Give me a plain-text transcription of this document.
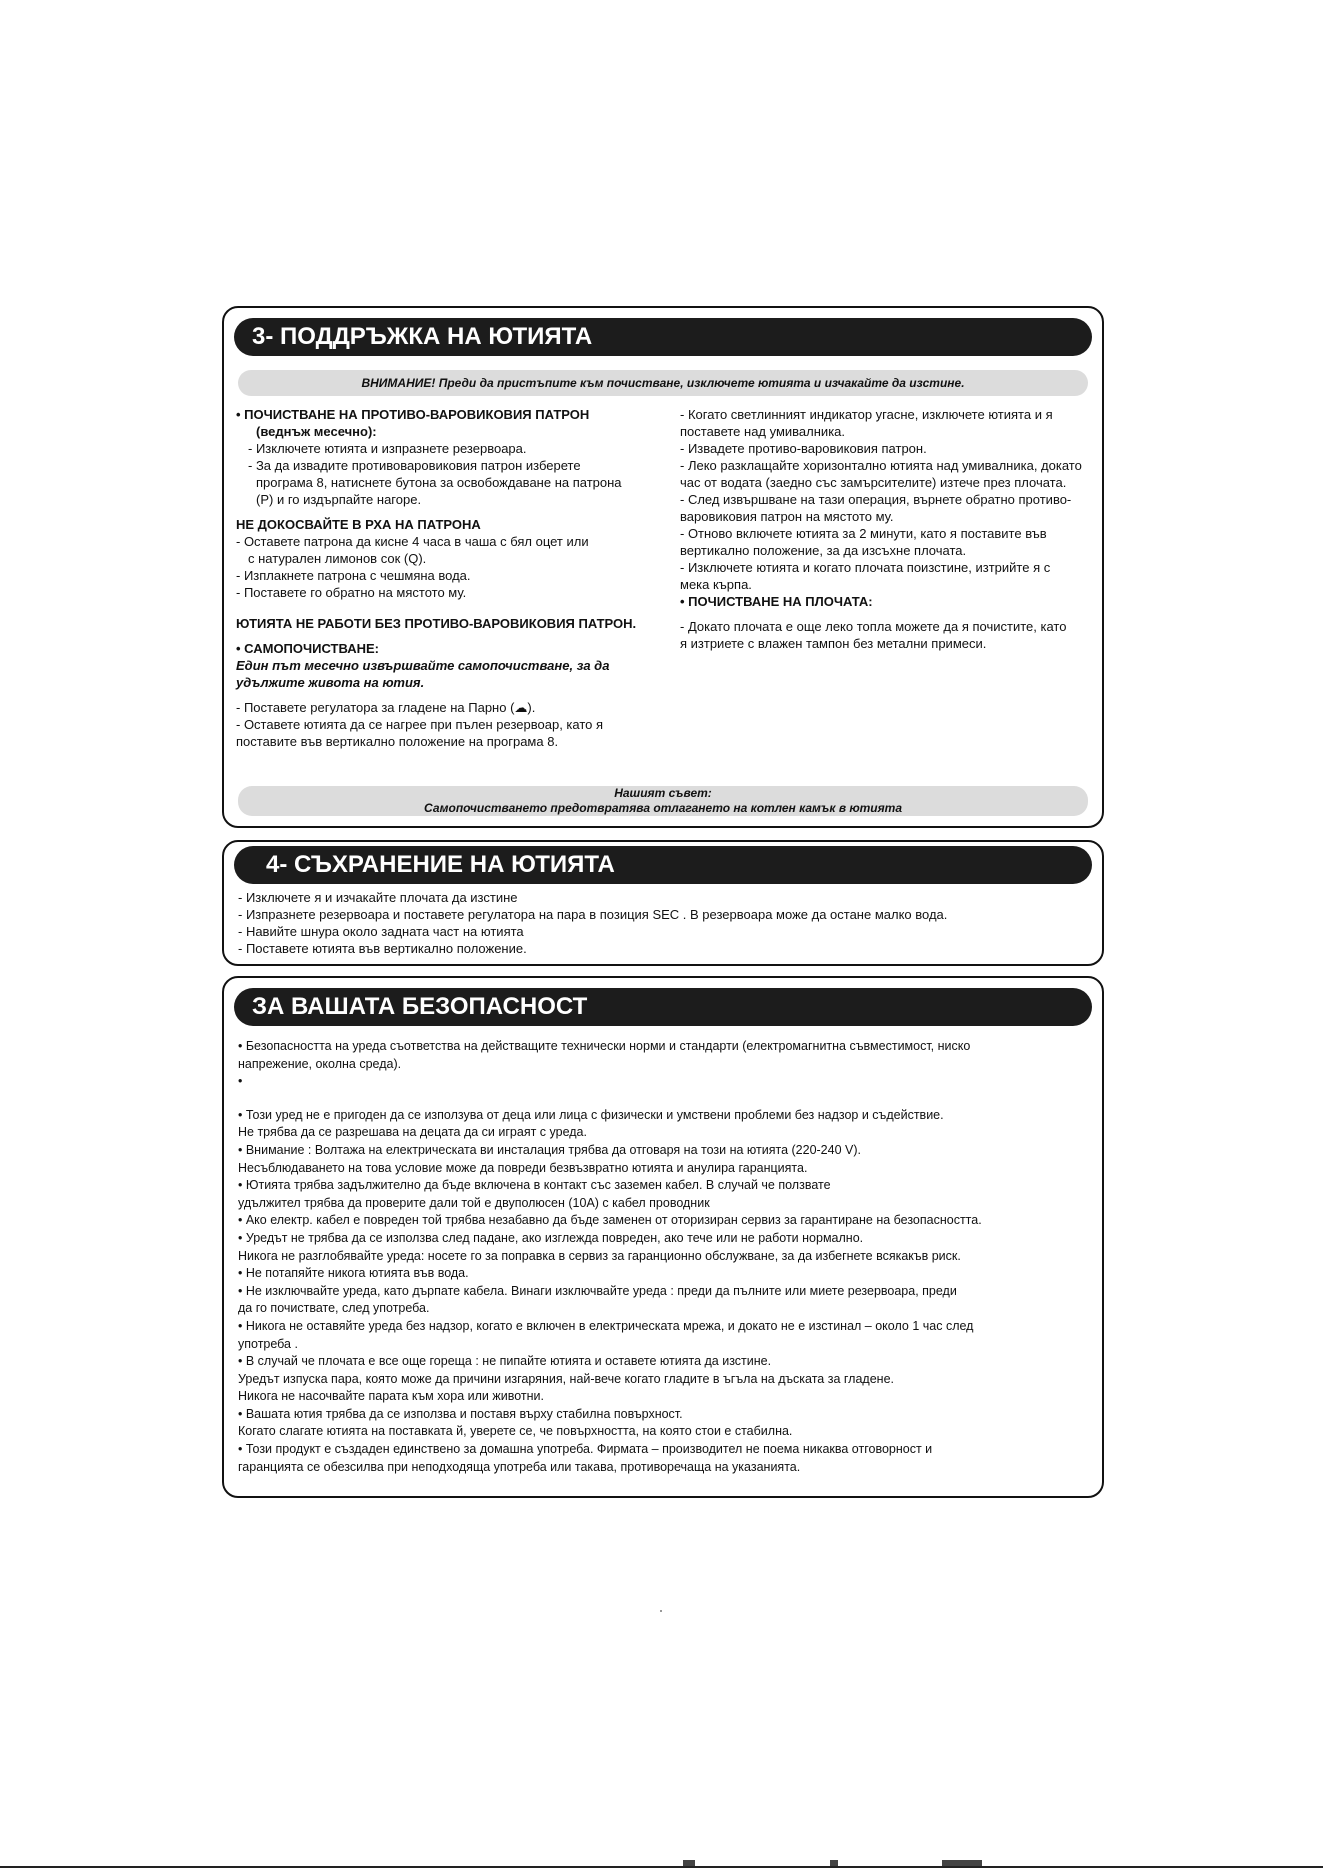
3- ПОДДРЪЖКА НА ЮТИЯТА
ВНИМАНИЕ! Преди да пристъпите към почистване, изключете ютията и изчакайте да изстине.
• ПОЧИСТВАНЕ НА ПРОТИВО-ВАРОВИКОВИЯ ПАТРОН
(веднъж месечно):
- Изключете ютията и изпразнете резервоара.
- За да извадите противоваровиковия патрон изберете
програма 8, натиснете бутона за освобождаване на патрона
(P) и го издърпайте нагоре.
НЕ ДОКОСВАЙТЕ В РХА НА ПАТРОНА
- Оставете патрона да кисне 4 часа в чаша с бял оцет или
с натурален лимонов сок (Q).
- Изплакнете патрона с чешмяна вода.
- Поставете го обратно на мястото му.
ЮТИЯТА НЕ РАБОТИ БЕЗ ПРОТИВО-ВАРОВИКОВИЯ ПАТРОН.
• САМОПОЧИСТВАНЕ:
Един път месечно извършвайте самопочистване, за да
удължите живота на ютия.
- Поставете регулатора за гладене на Парно (☁).
- Оставете ютията да се нагрее при пълен резервоар, като я
поставите във вертикално положение на програма 8.
- Когато светлинният индикатор угасне, изключете ютията и я
поставете над умивалника.
- Извадете противо-варовиковия патрон.
- Леко разклащайте хоризонтално ютията над умивалника, докато
час от водата (заедно със замърсителите) изтече през плочата.
- След извършване на тази операция, върнете обратно противо-
варовиковия патрон на мястото му.
- Отново включете ютията за 2 минути, като я поставите във
вертикално положение, за да изсъхне плочата.
- Изключете ютията и когато плочата поизстине, изтрийте я с
мека кърпа.
• ПОЧИСТВАНЕ НА ПЛОЧАТА:
- Докато плочата е още леко топла можете да я почистите, като
я изтриете с влажен тампон без метални примеси.
Нашият съвет:
Самопочистването предотвратява отлагането на котлен камък в ютията
4- СЪХРАНЕНИЕ НА ЮТИЯТА
- Изключете я и изчакайте плочата да изстине
- Изпразнете резервоара и поставете регулатора на пара в позиция SEC . В резервоара може да остане малко вода.
- Навийте шнура около задната част на ютията
- Поставете ютията във вертикално положение.
ЗА ВАШАТА БЕЗОПАСНОСТ
• Безопасността на уреда съответства на действащите технически норми и стандарти (електромагнитна съвместимост, ниско
напрежение, околна среда).
•
• Този уред не е пригоден да се използува от деца или лица с физически и умствени проблеми без надзор и съдействие.
Не трябва да се разрешава на децата да си играят с уреда.
• Внимание : Волтажа на електрическата ви инсталация трябва да отговаря на този на ютията (220-240 V).
Несъблюдаването на това условие може да повреди безвъзвратно ютията и анулира гаранцията.
• Ютията трябва задължително да бъде включена в контакт със заземен кабел. В случай че ползвате
удължител трябва да проверите дали той е двуполюсен (10A) с кабел проводник
• Ако електр. кабел е повреден той трябва незабавно да бъде заменен от оторизиран сервиз за гарантиране на безопасността.
• Уредът не трябва да се използва след падане, ако изглежда повреден, ако тече или не работи нормално.
Никога не разглобявайте уреда: носете го за поправка в сервиз за гаранционно обслужване, за да избегнете всякакъв риск.
• Не потапяйте никога ютията във вода.
• Не изключвайте уреда, като дърпате кабела. Винаги изключвайте уреда : преди да пълните или миете резервоара, преди
да го почиствате, след употреба.
• Никога не оставяйте уреда без надзор, когато е включен в електрическата мрежа, и докато не е изстинал – около 1 час след
употреба .
• В случай че плочата е все още гореща : не пипайте ютията и оставете ютията да изстине.
Уредът изпуска пара, която може да причини изгаряния, най-вече когато гладите в ъгъла на дъската за гладене.
Никога не насочвайте парата към хора или животни.
• Вашата ютия трябва да се използва и поставя върху стабилна повърхност.
Когато слагате ютията на поставката й, уверете се, че повърхността, на която стои е стабилна.
• Този продукт е създаден единствено за домашна употреба. Фирмата – производител не поема никаква отговорност и
гаранцията се обезсилва при неподходяща употреба или такава, противоречаща на указанията.
